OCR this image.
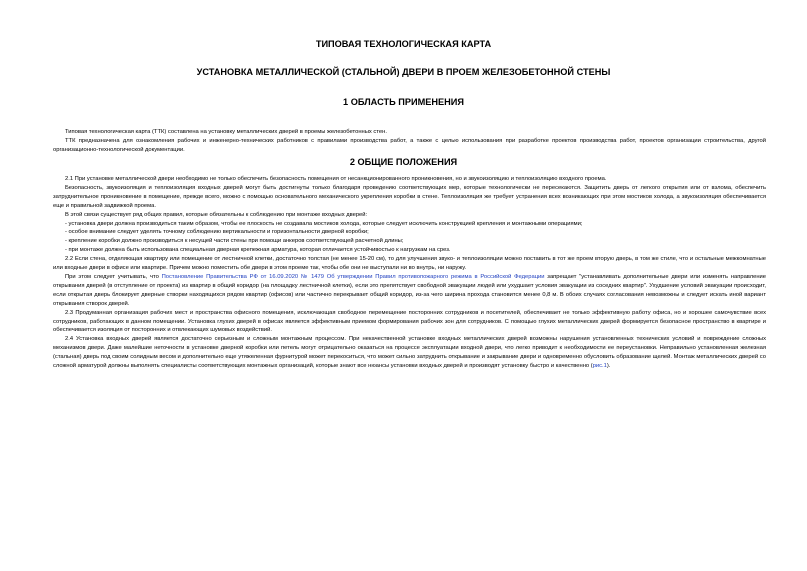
ТИПОВАЯ ТЕХНОЛОГИЧЕСКАЯ КАРТА
УСТАНОВКА МЕТАЛЛИЧЕСКОЙ (СТАЛЬНОЙ) ДВЕРИ В ПРОЕМ ЖЕЛЕЗОБЕТОННОЙ СТЕНЫ
1 ОБЛАСТЬ ПРИМЕНЕНИЯ

Типовая технологическая карта (ТТК) составлена на установку металлических дверей в проемы железобетонных стен.

ТТК предназначена для ознакомления рабочих и инженерно-технических работников с правилами производства работ, а также с целью использования при разработке проектов производства работ, проектов организации строительства, другой организационно-технологической документации.

2 ОБЩИЕ ПОЛОЖЕНИЯ

2.1 При установке металлической двери необходимо не только обеспечить безопасность помещения от несанкционированного проникновения, но и звукоизоляцию и теплоизоляцию входного проема.

Безопасность, звукоизоляция и теплоизоляция входных дверей могут быть достигнуты только благодаря проведению соответствующих мер, которые технологически не пересекаются. Защитить дверь от легкого открытия или от взлома, обеспечить затруднительное проникновение в помещение, прежде всего, можно с помощью основательного механического укрепления коробки в стене. Теплоизоляция же требует устранения всех возникающих при этом мостиков холода, а звукоизоляция обеспечивается еще и правильной задвижкой проема.

В этой связи существует ряд общих правил, которые обязательны к соблюдению при монтаже входных дверей:

- установка двери должна производиться таким образом, чтобы ее плоскость не создавала мостиков холода, которые следует исключить конструкцией крепления и монтажными операциями;

- особое внимание следует уделять точному соблюдению вертикальности и горизонтальности дверной коробки;

- крепление коробки должно производиться к несущей части стены при помощи анкеров соответствующей расчетной длины;

- при монтаже должна быть использована специальная дверная крепежная арматура, которая отличается устойчивостью к нагрузкам на срез.

2.2 Если стена, отделяющая квартиру или помещение от лестничной клетки, достаточно толстая (не менее 15-20 см), то для улучшения звуко- и теплоизоляции можно поставить в тот же проем вторую дверь, в том же стиле, что и остальные межкомнатные или входные двери в офисе или квартире. Причем можно поместить обе двери в этом проеме так, чтобы обе они не выступали ни во внутрь, ни наружу.

При этом следует учитывать, что Постановление Правительства РФ от 16.09.2020 № 1479 Об утверждении Правил противопожарного режима в Российской Федерации запрещает "устанавливать дополнительные двери или изменять направление открывания дверей (в отступление от проекта) из квартир в общий коридор (на площадку лестничной клетки), если это препятствует свободной эвакуации людей или ухудшает условия эвакуации из соседних квартир". Ухудшение условий эвакуации происходит, если открытая дверь блокирует дверные створки находящихся рядом квартир (офисов) или частично перекрывает общий коридор, из-за чего ширина прохода становится менее 0,8 м. В обоих случаях согласования невозможны и следует искать иной вариант открывания створок дверей.

2.3 Продуманная организация рабочих мест и пространства офисного помещения, исключающая свободное перемещение посторонних сотрудников и посетителей, обеспечивает не только эффективную работу офиса, но и хорошее самочувствие всех сотрудников, работающих в данном помещении. Установка глухих дверей в офисах является эффективным приемом формирования рабочих зон для сотрудников. С помощью глухих металлических дверей формируется безопасное пространство в квартире и обеспечивается изоляция от посторонних и отвлекающих шумовых воздействий.

2.4 Установка входных дверей является достаточно серьезным и сложным монтажным процессом. При некачественной установке входных металлических дверей возможны нарушения установленных технических условий и повреждение сложных механизмов двери. Даже малейшие неточности в установке дверной коробки или петель могут отрицательно оказаться на процессе эксплуатации входной двери, что легко приводит к необходимости ее переустановки. Неправильно установленная железная (стальная) дверь под своим солидным весом и дополнительно еще утяжеленная фурнитурой может перекоситься, что может сильно затруднить открывание и закрывание двери и одновременно обусловить образование щелей. Монтаж металлических дверей со сложной арматурой должны выполнять специалисты соответствующих монтажных организаций, которые знают все нюансы установки входных дверей и производят установку быстро и качественно (рис.1).
